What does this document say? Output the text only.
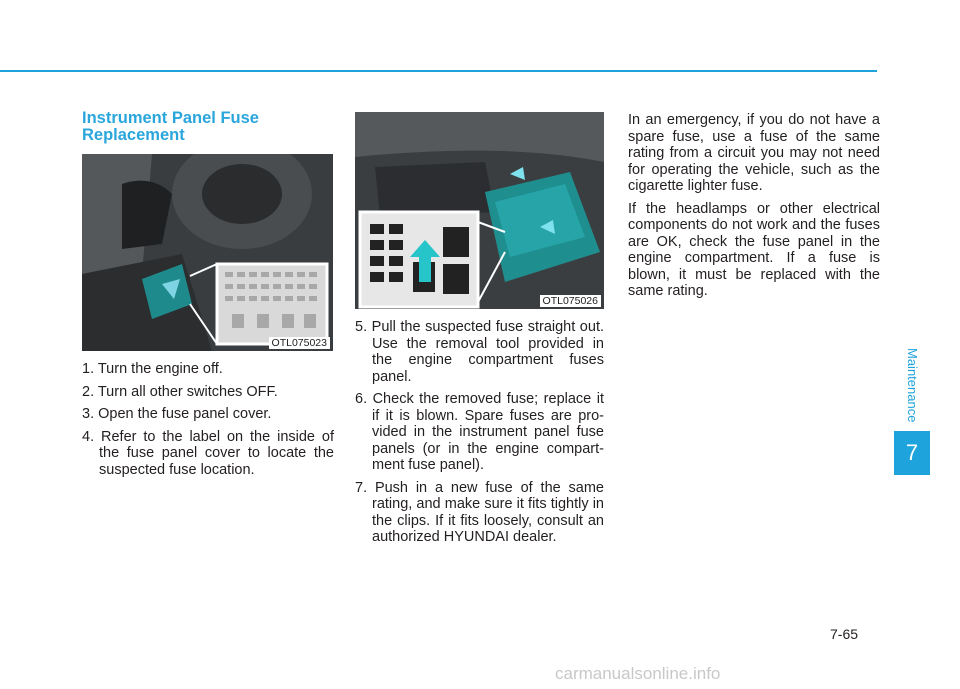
Instrument Panel Fuse Replacement
OTL075023
1. Turn the engine off.
2. Turn all other switches OFF.
3. Open the fuse panel cover.
4. Refer to the label on the inside of the fuse panel cover to locate the suspected fuse location.
OTL075026
5. Pull the suspected fuse straight out. Use the removal tool provided in the engine compartment fuses panel.
6. Check the removed fuse; replace it if it is blown. Spare fuses are pro-vided in the instrument panel fuse panels (or in the engine compart-ment fuse panel).
7. Push in a new fuse of the same rating, and make sure it fits tightly in the clips. If it fits loosely, consult an authorized HYUNDAI dealer.

In an emergency, if you do not have a spare fuse, use a fuse of the same rating from a circuit you may not need for operating the vehicle, such as the cigarette lighter fuse.

If the headlamps or other electrical components do not work and the fuses are OK, check the fuse panel in the engine compartment. If a fuse is blown, it must be replaced with the same rating.

Maintenance
7
7-65
carmanualsonline.info
